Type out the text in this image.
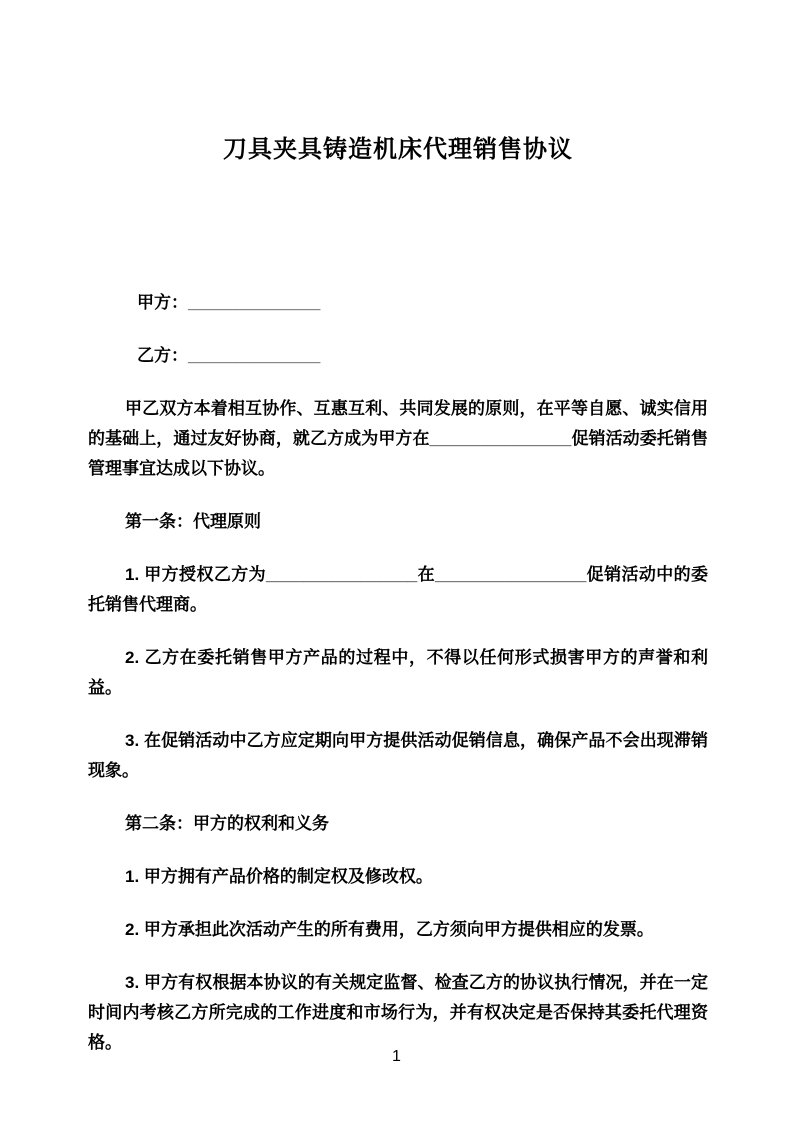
刀具夹具铸造机床代理销售协议

甲方：______________

乙方：______________

甲乙双方本着相互协作、互惠互利、共同发展的原则，在平等自愿、诚实信用的基础上，通过友好协商，就乙方成为甲方在_______________促销活动委托销售管理事宜达成以下协议。

第一条：代理原则

1. 甲方授权乙方为________________在________________促销活动中的委托销售代理商。

2. 乙方在委托销售甲方产品的过程中，不得以任何形式损害甲方的声誉和利益。

3. 在促销活动中乙方应定期向甲方提供活动促销信息，确保产品不会出现滞销现象。

第二条：甲方的权利和义务

1. 甲方拥有产品价格的制定权及修改权。

2. 甲方承担此次活动产生的所有费用，乙方须向甲方提供相应的发票。

3. 甲方有权根据本协议的有关规定监督、检查乙方的协议执行情况，并在一定时间内考核乙方所完成的工作进度和市场行为，并有权决定是否保持其委托代理资格。

1
